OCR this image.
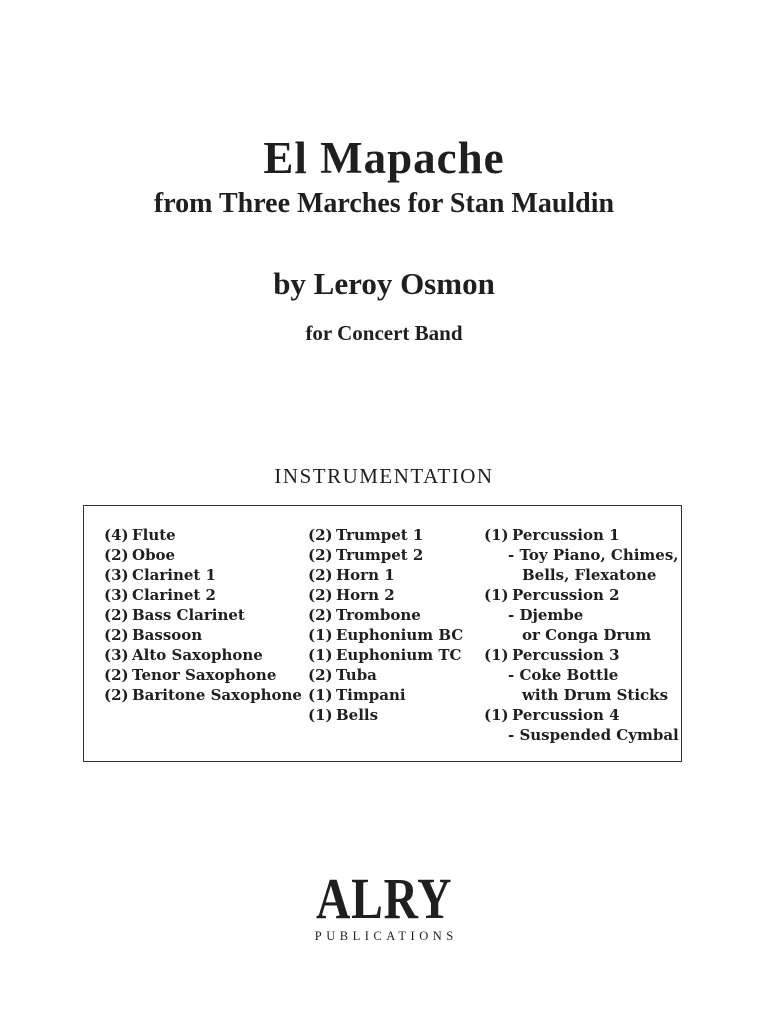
El Mapache
from Three Marches for Stan Mauldin
by Leroy Osmon
for Concert Band
INSTRUMENTATION
(4) Flute
(2) Oboe
(3) Clarinet 1
(3) Clarinet 2
(2) Bass Clarinet
(2) Bassoon
(3) Alto Saxophone
(2) Tenor Saxophone
(2) Baritone Saxophone
(2) Trumpet 1
(2) Trumpet 2
(2) Horn 1
(2) Horn 2
(2) Trombone
(1) Euphonium BC
(1) Euphonium TC
(2) Tuba
(1) Timpani
(1) Bells
(1) Percussion 1
- Toy Piano, Chimes,
Bells, Flexatone
(1) Percussion 2
- Djembe
or Conga Drum
(1) Percussion 3
- Coke Bottle
with Drum Sticks
(1) Percussion 4
- Suspended Cymbal
ALRY
PUBLICATIONS
